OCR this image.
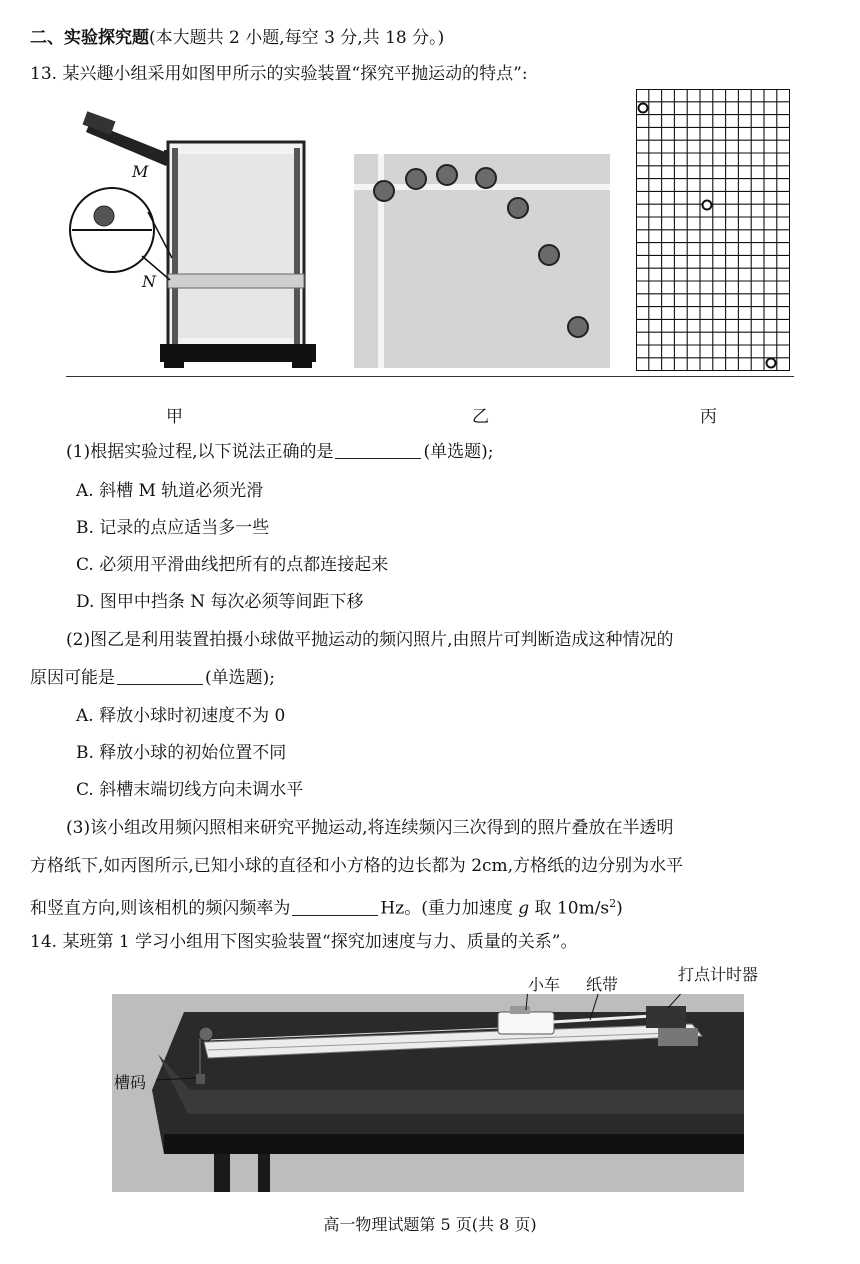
二、实验探究题(本大题共 2 小题,每空 3 分,共 18 分。)
13. 某兴趣小组采用如图甲所示的实验装置“探究平抛运动的特点”:
M
N
甲	乙	丙
(1)根据实验过程,以下说法正确的是	(单选题);
A. 斜槽 M 轨道必须光滑
B. 记录的点应适当多一些
C. 必须用平滑曲线把所有的点都连接起来
D. 图甲中挡条 N 每次必须等间距下移
(2)图乙是利用装置拍摄小球做平抛运动的频闪照片,由照片可判断造成这种情况的
原因可能是	(单选题);
A. 释放小球时初速度不为 0
B. 释放小球的初始位置不同
C. 斜槽末端切线方向未调水平
(3)该小组改用频闪照相来研究平抛运动,将连续频闪三次得到的照片叠放在半透明
方格纸下,如丙图所示,已知小球的直径和小方格的边长都为 2cm,方格纸的边分别为水平
和竖直方向,则该相机的频闪频率为	Hz。(重力加速度 g 取 $10m/s^2$)
14. 某班第 1 学习小组用下图实验装置“探究加速度与力、质量的关系”。
小车 纸带
打点计时器
槽码
高一物理试题第 5 页(共 8 页)
